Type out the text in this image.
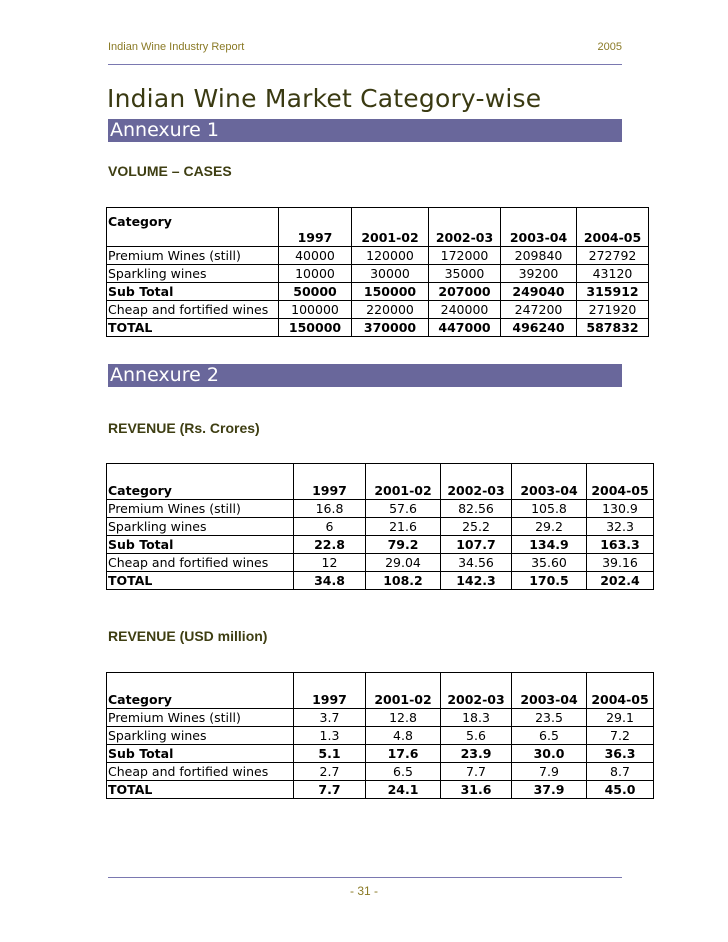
Indian Wine Industry Report	2005
Indian Wine Market Category-wise
Annexure 1
VOLUME – CASES
Category	1997	2001-02	2002-03	2003-04	2004-05
Premium Wines (still)	40000	120000	172000	209840	272792
Sparkling wines	10000	30000	35000	39200	43120
Sub Total	50000	150000	207000	249040	315912
Cheap and fortified wines	100000	220000	240000	247200	271920
TOTAL	150000	370000	447000	496240	587832
Annexure 2
REVENUE (Rs. Crores)
Category	1997	2001-02	2002-03	2003-04	2004-05
Premium Wines (still)	16.8	57.6	82.56	105.8	130.9
Sparkling wines	6	21.6	25.2	29.2	32.3
Sub Total	22.8	79.2	107.7	134.9	163.3
Cheap and fortified wines	12	29.04	34.56	35.60	39.16
TOTAL	34.8	108.2	142.3	170.5	202.4
REVENUE (USD million)
Category	1997	2001-02	2002-03	2003-04	2004-05
Premium Wines (still)	3.7	12.8	18.3	23.5	29.1
Sparkling wines	1.3	4.8	5.6	6.5	7.2
Sub Total	5.1	17.6	23.9	30.0	36.3
Cheap and fortified wines	2.7	6.5	7.7	7.9	8.7
TOTAL	7.7	24.1	31.6	37.9	45.0
- 31 -
